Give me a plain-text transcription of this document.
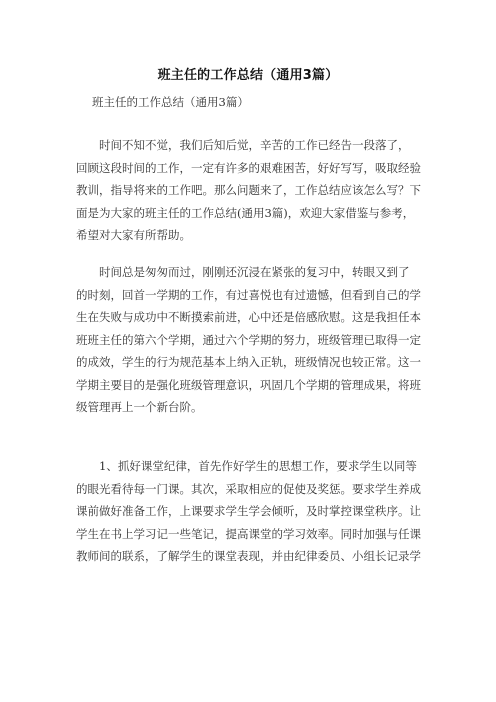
班主任的工作总结（通用3篇）
班主任的工作总结（通用3篇）
时间不知不觉，我们后知后觉，辛苦的工作已经告一段落了，
回顾这段时间的工作，一定有许多的艰难困苦，好好写写，吸取经验
教训，指导将来的工作吧。那么问题来了，工作总结应该怎么写？下
面是为大家的班主任的工作总结(通用3篇)，欢迎大家借鉴与参考，
希望对大家有所帮助。
时间总是匆匆而过，刚刚还沉浸在紧张的复习中，转眼又到了
的时刻，回首一学期的工作，有过喜悦也有过遗憾，但看到自己的学
生在失败与成功中不断摸索前进，心中还是倍感欣慰。这是我担任本
班班主任的第六个学期，通过六个学期的努力，班级管理已取得一定
的成效，学生的行为规范基本上纳入正轨，班级情况也较正常。这一
学期主要目的是强化班级管理意识，巩固几个学期的管理成果，将班
级管理再上一个新台阶。
1、抓好课堂纪律，首先作好学生的思想工作，要求学生以同等
的眼光看待每一门课。其次，采取相应的促使及奖惩。要求学生养成
课前做好准备工作，上课要求学生学会倾听，及时掌控课堂秩序。让
学生在书上学习记一些笔记，提高课堂的学习效率。同时加强与任课
教师间的联系，了解学生的课堂表现，并由纪律委员、小组长记录学
